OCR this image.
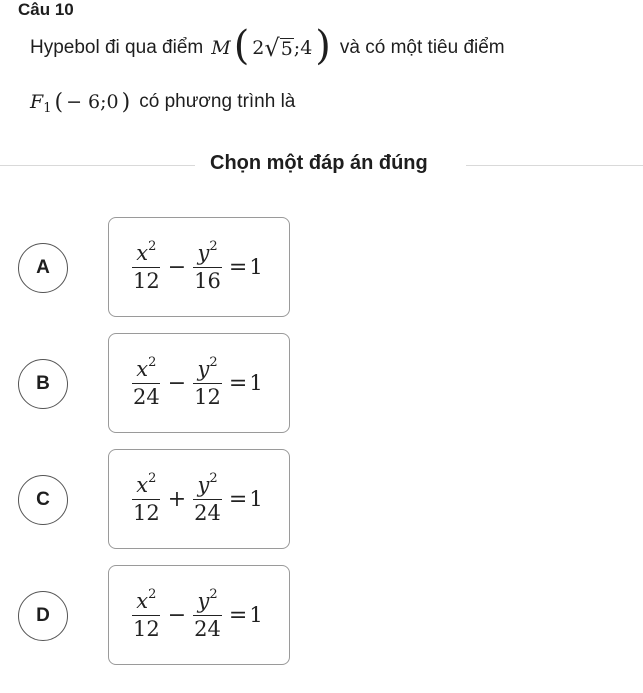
Câu 10
Hypebol đi qua điểm M ( 2 √ 5 ; 4 ) và có một tiêu điểm
F 1 ( − 6 ; 0 ) có phương trình là
Chọn một đáp án đúng
A	$\frac{x^2}{12} - \frac{y^2}{16} = 1$
B	$\frac{x^2}{24} - \frac{y^2}{12} = 1$
C	$\frac{x^2}{12} + \frac{y^2}{24} = 1$
D	$\frac{x^2}{12} - \frac{y^2}{24} = 1$
